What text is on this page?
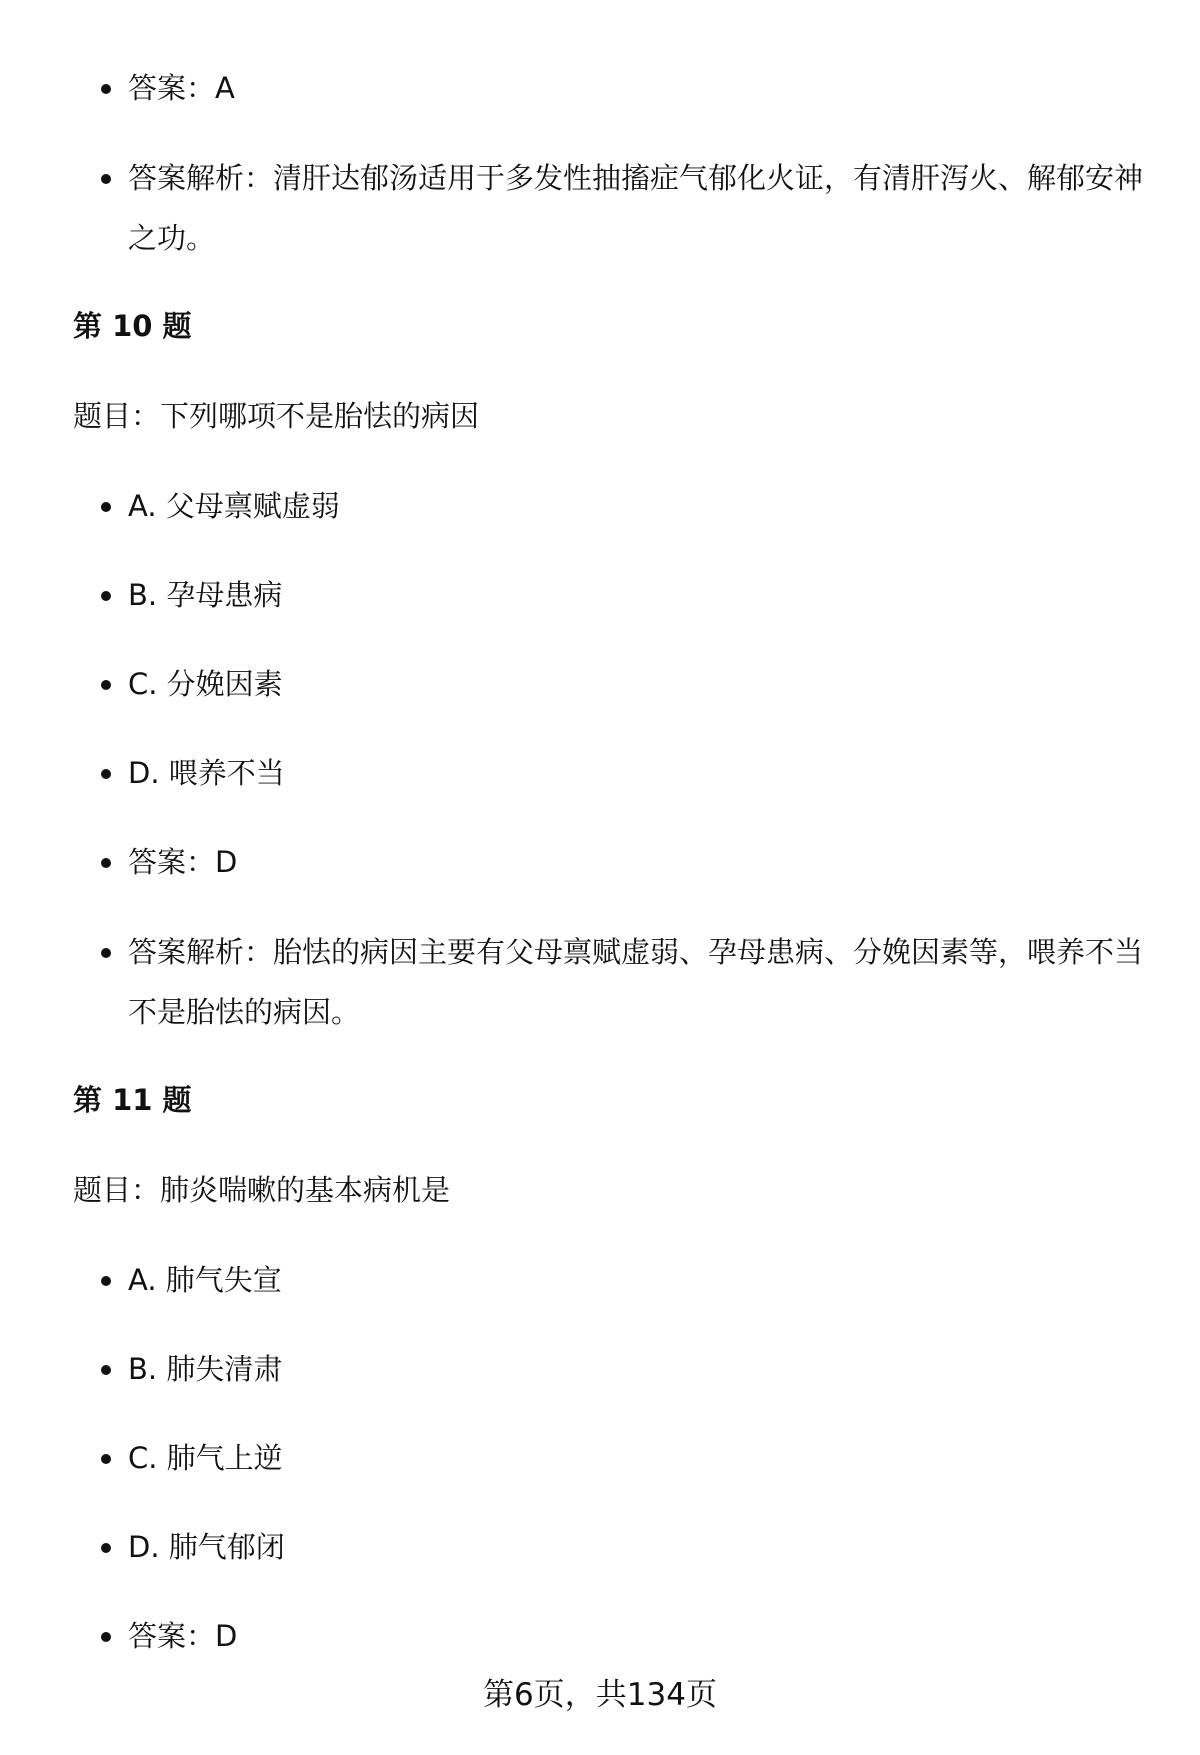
答案：A
答案解析：清肝达郁汤适用于多发性抽搐症气郁化火证，有清肝泻火、解郁安神之功。
第 10 题
题目：下列哪项不是胎怯的病因
A. 父母禀赋虚弱
B. 孕母患病
C. 分娩因素
D. 喂养不当
答案：D
答案解析：胎怯的病因主要有父母禀赋虚弱、孕母患病、分娩因素等，喂养不当不是胎怯的病因。
第 11 题
题目：肺炎喘嗽的基本病机是
A. 肺气失宣
B. 肺失清肃
C. 肺气上逆
D. 肺气郁闭
答案：D
第6页，共134页
